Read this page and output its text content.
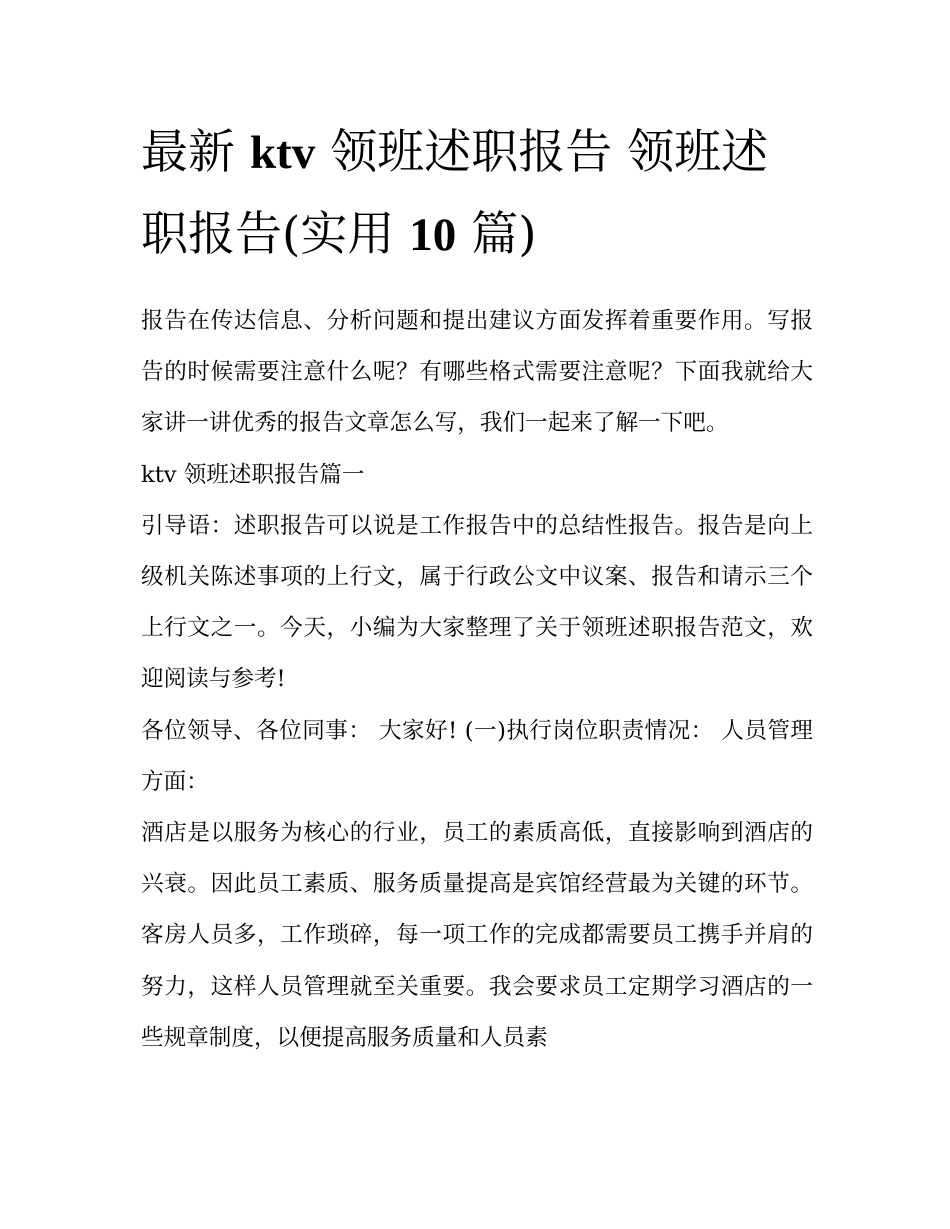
最新 ktv 领班述职报告 领班述职报告(实用 10 篇)

报告在传达信息、分析问题和提出建议方面发挥着重要作用。写报告的时候需要注意什么呢？有哪些格式需要注意呢？下面我就给大家讲一讲优秀的报告文章怎么写，我们一起来了解一下吧。

ktv 领班述职报告篇一

引导语：述职报告可以说是工作报告中的总结性报告。报告是向上级机关陈述事项的上行文，属于行政公文中议案、报告和请示三个上行文之一。今天，小编为大家整理了关于领班述职报告范文，欢迎阅读与参考!

各位领导、各位同事： 大家好! (一)执行岗位职责情况： 人员管理方面：

酒店是以服务为核心的行业，员工的素质高低，直接影响到酒店的兴衰。因此员工素质、服务质量提高是宾馆经营最为关键的环节。客房人员多，工作琐碎，每一项工作的完成都需要员工携手并肩的努力，这样人员管理就至关重要。我会要求员工定期学习酒店的一些规章制度，以便提高服务质量和人员素
